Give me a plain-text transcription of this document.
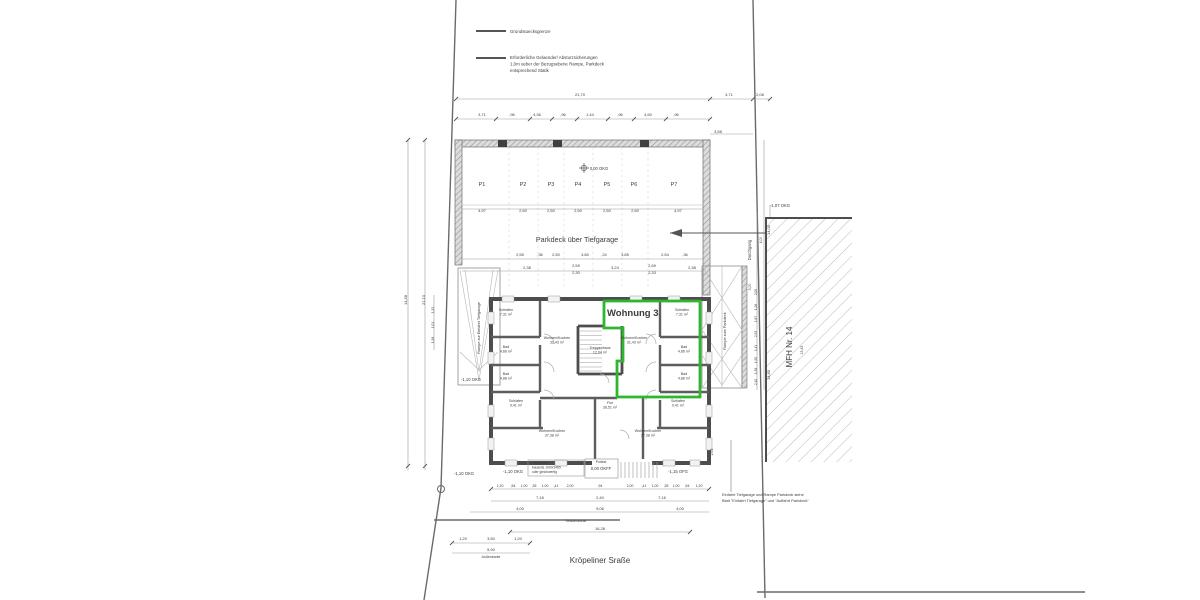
Grundstuecksgrenze
Erforderliche Gelaender/ Absturzsicherungen
1,0m ueber der Bezugsebene Rampe, Parkdeck
entsprechend Statik
Rampe zur Einfahrt Tiefgarage	Rampe zum Parkdeck	MFH Nr. 14
Durchgang
Wohnung 3
Einfahrt Tiefgarage und Rampe Parkdeck siehe
Blatt "Einfahrt Tiefgarage" und "Auffahrt Parkdeck"
Treppenlift
bauseits 1000/1485
oder gleichwertig
Parkdeck über Tiefgarage
Kröpeliner Sraße
P1	P2	P3	P4	P5	P6	P7
Schlafen
7,31 m²
Bad
4,66 m²
Bad
4,88 m²
Schlafen
9,41 m²
Wohnen/Kochen
37,38 m²
Wohnen/Kochen
31,43 m²
Treppenhaus
12,04 m²
Wohnen/Kochen
31,43 m²
Flur
38,51 m²
Schlafen
7,31 m²
Bad
4,66 m²
Bad
4,88 m²
Schlafen
9,41 m²
Wohnen/Kochen
37,38 m²
21,70	3,71	2,08
3,71	,96	4,36	,96	1,44	,96	4,50	,96
3,58
4,97	2,50	2,50	2,50	2,50	2,50	4,97
2,55	,36 2,50	3,80	,24	3,85	2,54	,36
2,38	2,59
2,30
3,24	2,69
2,33
2,38
1,20 ,54 1,00 ,35 1,00 ,41 2,00	,94	2,00 ,41 1,00 ,35 1,00 ,54 1,20
7,16	2,40	7,16
4,00	9,06	4,00
Straßenkante
16,28
1,20	3,50	1,20
5,90
Außenkante
14,58	22,10
1,32
1,01
1,98
14,05
4,00
3,00
2,00
1,26
1,87
2,33
1,11
1,50
1,38
2,10
14,80
13,43
2,63
0,00 OKG
-1,07 OKG
-1,10 OKG
-1,10 OKG	-1,10 OKG
Podest
0,00 OKFF
-1,15 OFG
